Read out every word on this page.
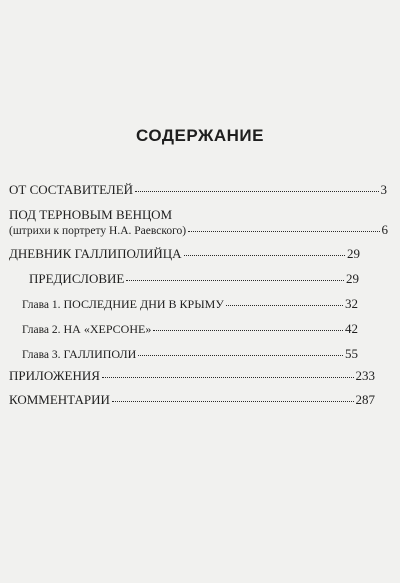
СОДЕРЖАНИЕ
ОТ СОСТАВИТЕЛЕЙ	3
ПОД ТЕРНОВЫМ ВЕНЦОМ
(штрихи к портрету Н.А. Раевского)	6
ДНЕВНИК ГАЛЛИПОЛИЙЦА	29
ПРЕДИСЛОВИЕ	29
Глава 1. ПОСЛЕДНИЕ ДНИ В КРЫМУ	32
Глава 2. НА «ХЕРСОНЕ»	42
Глава 3. ГАЛЛИПОЛИ	55
ПРИЛОЖЕНИЯ	233
КОММЕНТАРИИ	287
